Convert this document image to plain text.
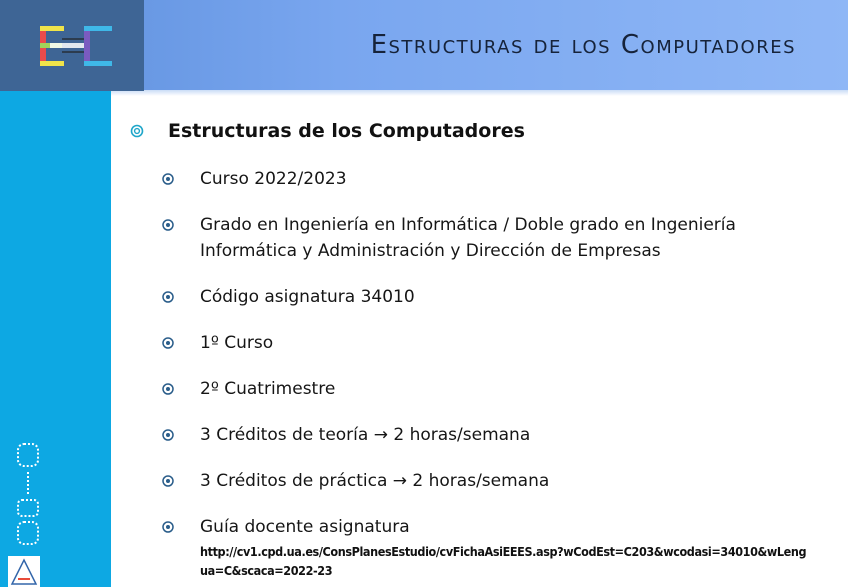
Estructuras de los Computadores
Estructuras de los Computadores
Curso 2022/2023
Grado en Ingeniería en Informática / Doble grado en Ingeniería Informática y Administración y Dirección de Empresas
Código asignatura 34010
1º Curso
2º Cuatrimestre
3 Créditos de teoría → 2 horas/semana
3 Créditos de práctica → 2 horas/semana
Guía docente asignatura
http://cv1.cpd.ua.es/ConsPlanesEstudio/cvFichaAsiEEES.asp?wCodEst=C203&wcodasi=34010&wLengua=C&scaca=2022-23
